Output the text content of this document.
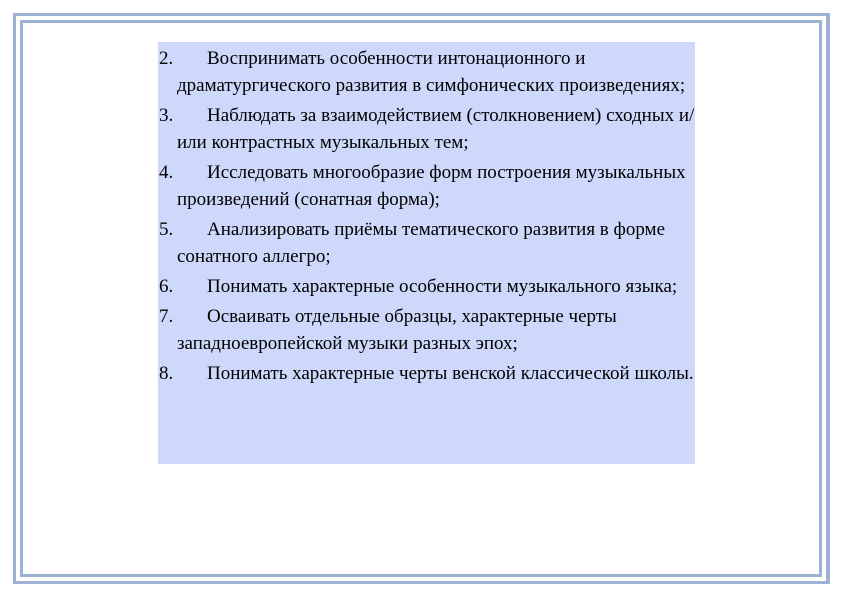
2.	Воспринимать особенности интонационного и драматургического развития в симфонических произведениях;
3.	Наблюдать за взаимодействием (столкновением) сходных и/или контрастных музыкальных тем;
4.	Исследовать многообразие форм построения музыкальных произведений (сонатная форма);
5.	Анализировать приёмы тематического развития в форме сонатного аллегро;
6.	Понимать характерные особенности музыкального языка;
7.	Осваивать отдельные образцы, характерные черты западноевропейской музыки разных эпох;
8.	Понимать характерные черты венской классической школы.
